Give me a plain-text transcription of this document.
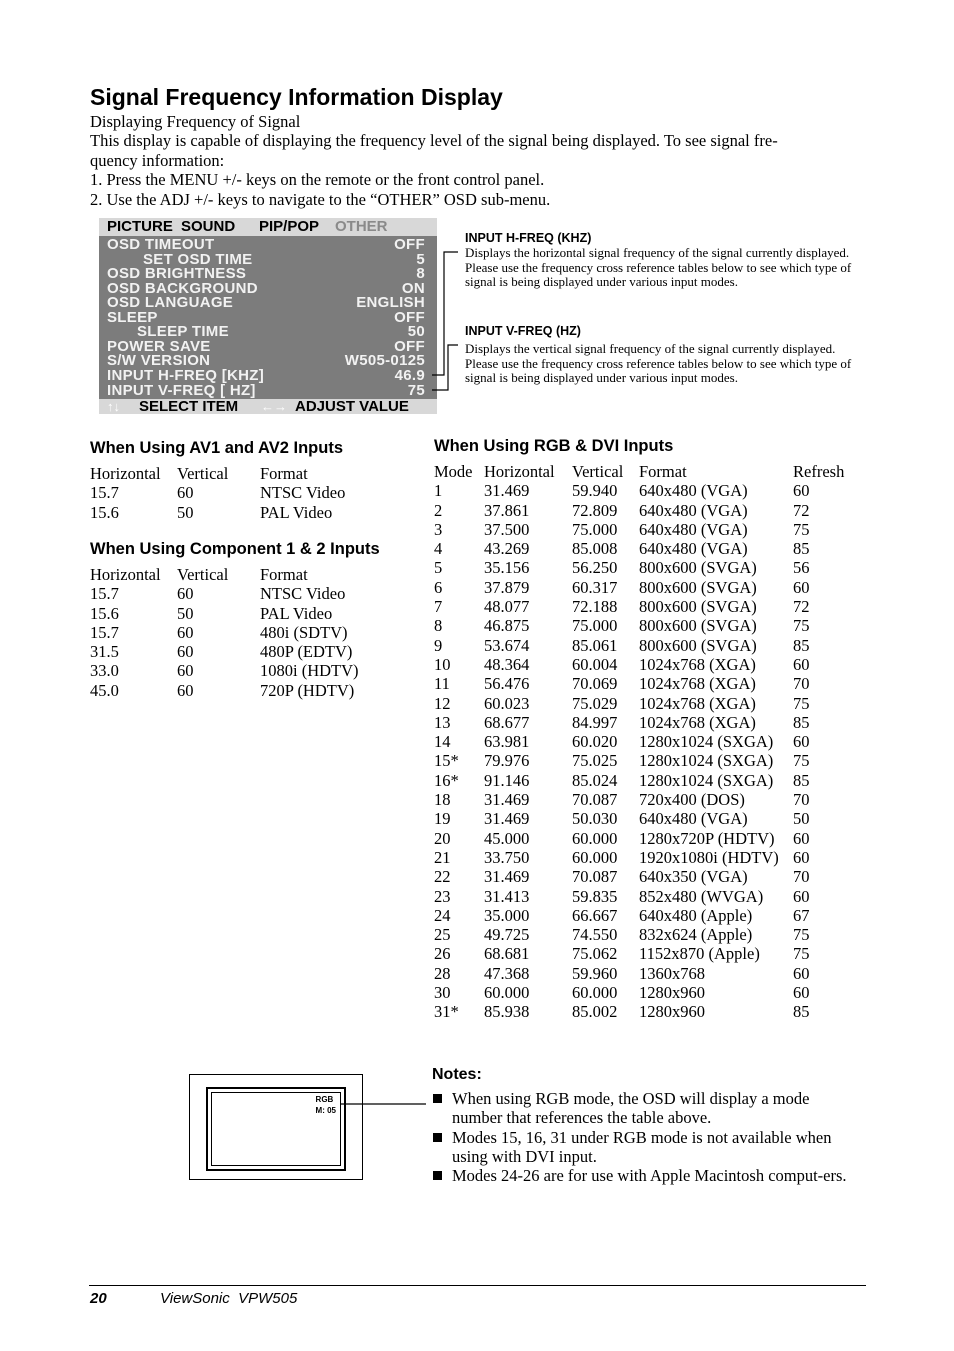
Signal Frequency Information Display
Displaying Frequency of Signal
This display is capable of displaying the frequency level of the signal being displayed. To see signal fre-
quency information:
1. Press the MENU +/- keys on the remote or the front control panel.
2. Use the ADJ +/- keys to navigate to the “OTHER” OSD sub-menu.
PICTURE SOUND PIP/POP OTHER
OSD TIMEOUT	OFF
SET OSD TIME	5
OSD BRIGHTNESS	8
OSD BACKGROUND	ON
OSD LANGUAGE	ENGLISH
SLEEP	OFF
SLEEP TIME	50
POWER SAVE	OFF
S/W VERSION	W505-0125
INPUT H-FREQ [KHZ]	46.9
INPUT V-FREQ [ HZ]	75
↑↓ SELECT ITEM ←→ ADJUST VALUE
INPUT H-FREQ (KHZ)
Displays the horizontal signal frequency of the signal currently displayed. Please use the frequency cross reference tables below to see which type of signal is being displayed under various input modes.
INPUT V-FREQ (HZ)
Displays the vertical signal frequency of the signal currently displayed. Please use the frequency cross reference tables below to see which type of signal is being displayed under various input modes.
When Using AV1 and AV2 Inputs
Horizontal Vertical Format
15.7	60	NTSC Video
15.6	50	PAL Video
When Using Component 1 & 2 Inputs
Horizontal Vertical Format
15.7	60	NTSC Video
15.6	50	PAL Video
15.7	60	480i (SDTV)
31.5	60	480P (EDTV)
33.0	60	1080i (HDTV)
45.0	60	720P (HDTV)
When Using RGB & DVI Inputs
Mode Horizontal Vertical Format	Refresh
1	31.469	59.940 640x480 (VGA)	60
2	37.861	72.809 640x480 (VGA)	72
3	37.500	75.000 640x480 (VGA)	75
4	43.269	85.008 640x480 (VGA)	85
5	35.156	56.250 800x600 (SVGA) 56
6	37.879	60.317 800x600 (SVGA) 60
7	48.077	72.188 800x600 (SVGA) 72
8	46.875	75.000 800x600 (SVGA) 75
9	53.674	85.061 800x600 (SVGA) 85
10 48.364	60.004 1024x768 (XGA) 60
11 56.476	70.069 1024x768 (XGA) 70
12 60.023	75.029 1024x768 (XGA) 75
13 68.677	84.997 1024x768 (XGA) 85
14 63.981	60.020 1280x1024 (SXGA) 60
15* 79.976	75.025 1280x1024 (SXGA) 75
16* 91.146	85.024 1280x1024 (SXGA) 85
18 31.469	70.087 720x400 (DOS)	70
19 31.469	50.030 640x480 (VGA)	50
20 45.000	60.000 1280x720P (HDTV) 60
21 33.750	60.000 1920x1080i (HDTV) 60
22 31.469	70.087 640x350 (VGA)	70
23 31.413	59.835 852x480 (WVGA) 60
24 35.000	66.667 640x480 (Apple) 67
25 49.725	74.550 832x624 (Apple) 75
26 68.681	75.062 1152x870 (Apple) 75
28 47.368	59.960 1360x768	60
30 60.000	60.000 1280x960	60
31* 85.938	85.002 1280x960	85
RGB
M: 05
Notes:
When using RGB mode, the OSD will display a mode number that references the table above.
Modes 15, 16, 31 under RGB mode is not available when using with DVI input.
Modes 24-26 are for use with Apple Macintosh comput-ers.
20	ViewSonic  VPW505
